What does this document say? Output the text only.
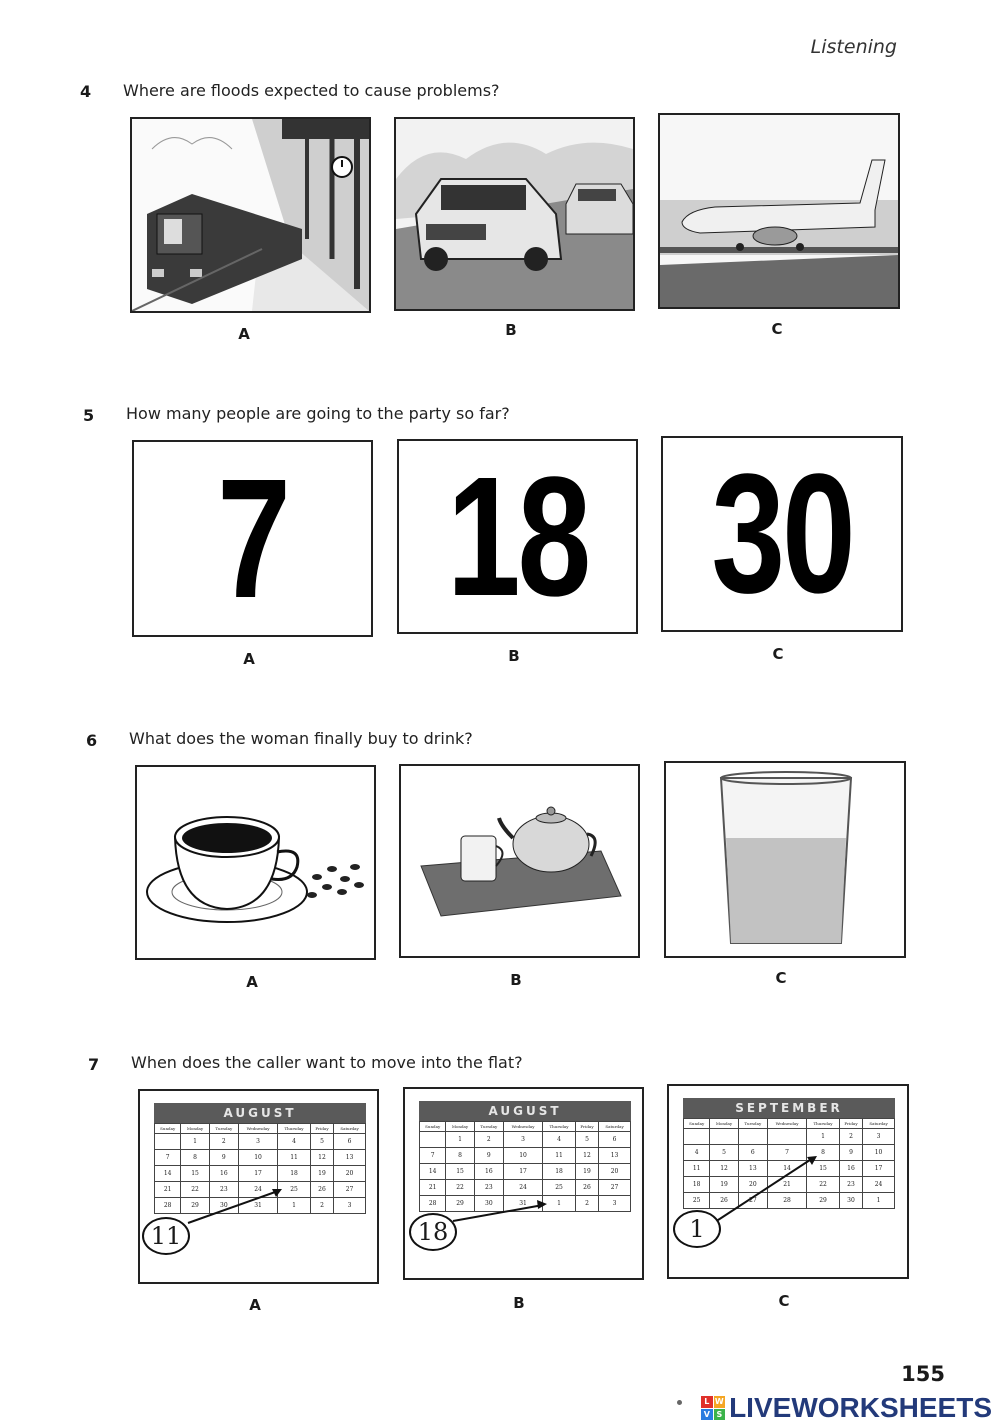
Listening
4 Where are floods expected to cause problems?
A	B	C
5 How many people are going to the party so far?
7 18 30
A	B	C
6 What does the woman finally buy to drink?
A	B	C
7 When does the caller want to move into the flat?
AUGUST
Sunday	Monday	Tuesday	Wednesday	Thursday	Friday	Saturday
	1	2	3	4	5	6
7	8	9	10	11	12	13
14	15	16	17	18	19	20
21	22	23	24	25	26	27
28	29	30	31	1	2	3
11
AUGUST
Sunday	Monday	Tuesday	Wednesday	Thursday	Friday	Saturday
	1	2	3	4	5	6
7	8	9	10	11	12	13
14	15	16	17	18	19	20
21	22	23	24	25	26	27
28	29	30	31	1	2	3
18
SEPTEMBER
Sunday	Monday	Tuesday	Wednesday	Thursday	Friday	Saturday
				1	2	3
4	5	6	7	8	9	10
11	12	13	14	15	16	17
18	19	20	21	22	23	24
25	26	27	28	29	30	1
1
A	B	C
155
L W
V S LIVEWORKSHEETS
